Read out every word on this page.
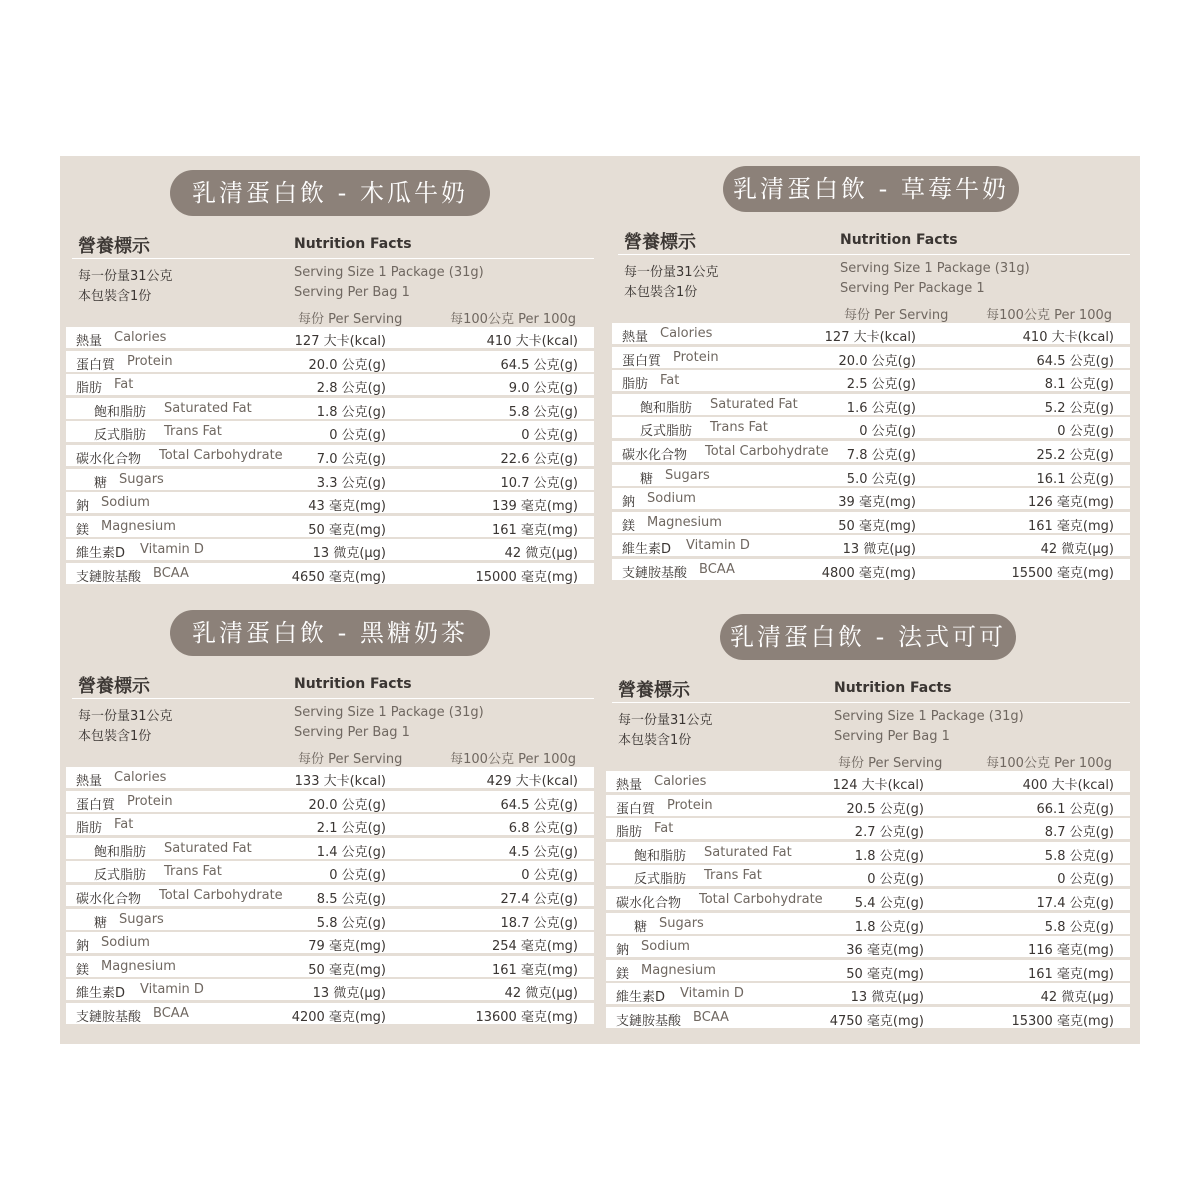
乳清蛋白飲 - 木瓜牛奶
營養標示	Nutrition Facts
每一份量31公克
本包裝含1份
Serving Size 1 Package (31g)
Serving Per Bag 1
每份 Per Serving	每100公克 Per 100g
熱量 Calories	127 大卡(kcal)	410 大卡(kcal)
蛋白質 Protein	20.0 公克(g)	64.5 公克(g)
脂肪 Fat	2.8 公克(g)	9.0 公克(g)
飽和脂肪 Saturated Fat	1.8 公克(g)	5.8 公克(g)
反式脂肪 Trans Fat	0 公克(g)	0 公克(g)
碳水化合物 Total Carbohydrate	7.0 公克(g)	22.6 公克(g)
糖 Sugars	3.3 公克(g)	10.7 公克(g)
鈉 Sodium	43 毫克(mg)	139 毫克(mg)
鎂 Magnesium	50 毫克(mg)	161 毫克(mg)
維生素D Vitamin D	13 微克(μg)	42 微克(μg)
支鏈胺基酸 BCAA	4650 毫克(mg)	15000 毫克(mg)
乳清蛋白飲 - 草莓牛奶
營養標示	Nutrition Facts
每一份量31公克
本包裝含1份
Serving Size 1 Package (31g)
Serving Per Package 1
每份 Per Serving	每100公克 Per 100g
熱量 Calories	127 大卡(kcal)	410 大卡(kcal)
蛋白質 Protein	20.0 公克(g)	64.5 公克(g)
脂肪 Fat	2.5 公克(g)	8.1 公克(g)
飽和脂肪 Saturated Fat	1.6 公克(g)	5.2 公克(g)
反式脂肪 Trans Fat	0 公克(g)	0 公克(g)
碳水化合物 Total Carbohydrate 7.8 公克(g)	25.2 公克(g)
糖 Sugars	5.0 公克(g)	16.1 公克(g)
鈉 Sodium	39 毫克(mg)	126 毫克(mg)
鎂 Magnesium	50 毫克(mg)	161 毫克(mg)
維生素D Vitamin D	13 微克(μg)	42 微克(μg)
支鏈胺基酸 BCAA	4800 毫克(mg)	15500 毫克(mg)
乳清蛋白飲 - 黑糖奶茶
營養標示	Nutrition Facts
每一份量31公克
本包裝含1份
Serving Size 1 Package (31g)
Serving Per Bag 1
每份 Per Serving	每100公克 Per 100g
熱量 Calories	133 大卡(kcal)	429 大卡(kcal)
蛋白質 Protein	20.0 公克(g)	64.5 公克(g)
脂肪 Fat	2.1 公克(g)	6.8 公克(g)
飽和脂肪 Saturated Fat	1.4 公克(g)	4.5 公克(g)
反式脂肪 Trans Fat	0 公克(g)	0 公克(g)
碳水化合物 Total Carbohydrate	8.5 公克(g)	27.4 公克(g)
糖 Sugars	5.8 公克(g)	18.7 公克(g)
鈉 Sodium	79 毫克(mg)	254 毫克(mg)
鎂 Magnesium	50 毫克(mg)	161 毫克(mg)
維生素D Vitamin D	13 微克(μg)	42 微克(μg)
支鏈胺基酸 BCAA	4200 毫克(mg)	13600 毫克(mg)
乳清蛋白飲 - 法式可可
營養標示	Nutrition Facts
每一份量31公克
本包裝含1份
Serving Size 1 Package (31g)
Serving Per Bag 1
每份 Per Serving	每100公克 Per 100g
熱量 Calories	124 大卡(kcal)	400 大卡(kcal)
蛋白質 Protein	20.5 公克(g)	66.1 公克(g)
脂肪 Fat	2.7 公克(g)	8.7 公克(g)
飽和脂肪 Saturated Fat	1.8 公克(g)	5.8 公克(g)
反式脂肪 Trans Fat	0 公克(g)	0 公克(g)
碳水化合物 Total Carbohydrate 5.4 公克(g)	17.4 公克(g)
糖 Sugars	1.8 公克(g)	5.8 公克(g)
鈉 Sodium	36 毫克(mg)	116 毫克(mg)
鎂 Magnesium	50 毫克(mg)	161 毫克(mg)
維生素D Vitamin D	13 微克(μg)	42 微克(μg)
支鏈胺基酸 BCAA	4750 毫克(mg)	15300 毫克(mg)
